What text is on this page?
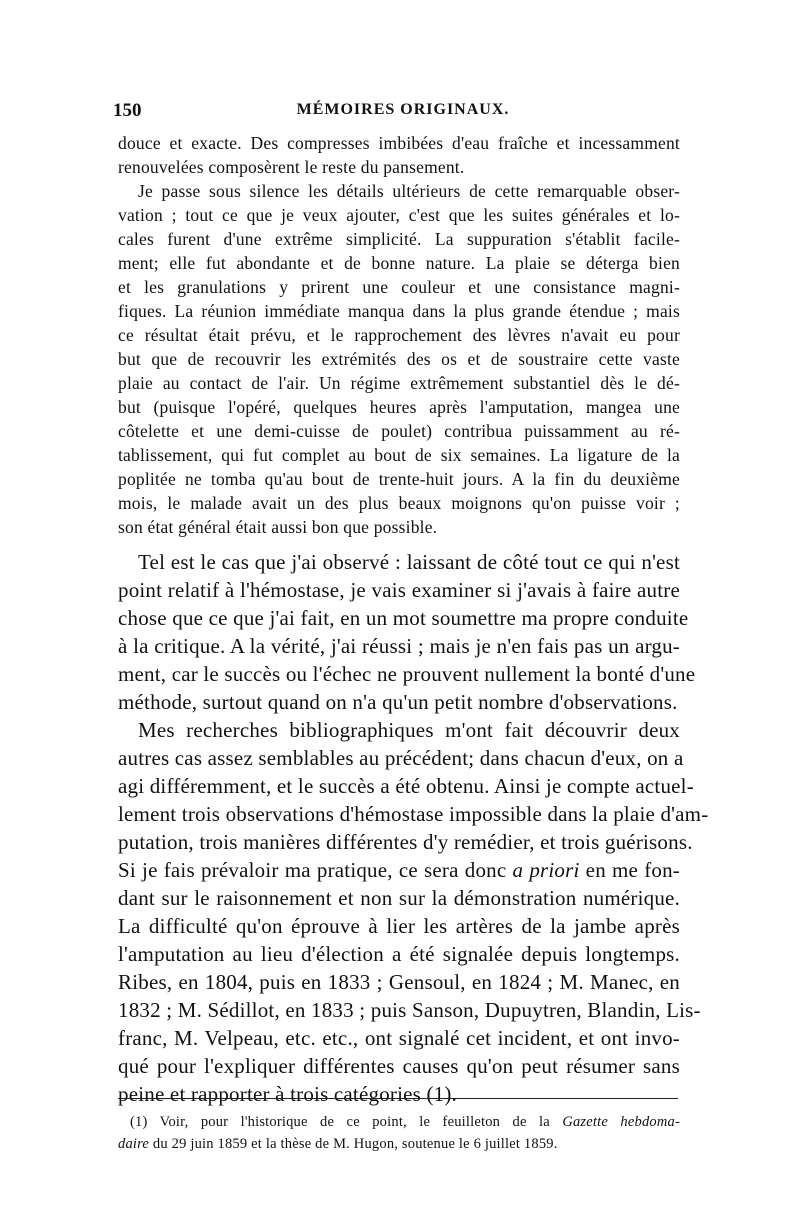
150	MÉMOIRES ORIGINAUX.
douce et exacte. Des compresses imbibées d'eau fraîche et incessamment
renouvelées composèrent le reste du pansement.
Je passe sous silence les détails ultérieurs de cette remarquable obser-
vation ; tout ce que je veux ajouter, c'est que les suites générales et lo-
cales furent d'une extrême simplicité. La suppuration s'établit facile-
ment; elle fut abondante et de bonne nature. La plaie se déterga bien
et les granulations y prirent une couleur et une consistance magni-
fiques. La réunion immédiate manqua dans la plus grande étendue ; mais
ce résultat était prévu, et le rapprochement des lèvres n'avait eu pour
but que de recouvrir les extrémités des os et de soustraire cette vaste
plaie au contact de l'air. Un régime extrêmement substantiel dès le dé-
but (puisque l'opéré, quelques heures après l'amputation, mangea une
côtelette et une demi-cuisse de poulet) contribua puissamment au ré-
tablissement, qui fut complet au bout de six semaines. La ligature de la
poplitée ne tomba qu'au bout de trente-huit jours. A la fin du deuxième
mois, le malade avait un des plus beaux moignons qu'on puisse voir ;
son état général était aussi bon que possible.
Tel est le cas que j'ai observé : laissant de côté tout ce qui n'est
point relatif à l'hémostase, je vais examiner si j'avais à faire autre
chose que ce que j'ai fait, en un mot soumettre ma propre conduite
à la critique. A la vérité, j'ai réussi ; mais je n'en fais pas un argu-
ment, car le succès ou l'échec ne prouvent nullement la bonté d'une
méthode, surtout quand on n'a qu'un petit nombre d'observations.
Mes recherches bibliographiques m'ont fait découvrir deux
autres cas assez semblables au précédent; dans chacun d'eux, on a
agi différemment, et le succès a été obtenu. Ainsi je compte actuel-
lement trois observations d'hémostase impossible dans la plaie d'am-
putation, trois manières différentes d'y remédier, et trois guérisons.
Si je fais prévaloir ma pratique, ce sera donc a priori en me fon-
dant sur le raisonnement et non sur la démonstration numérique.
La difficulté qu'on éprouve à lier les artères de la jambe après
l'amputation au lieu d'élection a été signalée depuis longtemps.
Ribes, en 1804, puis en 1833 ; Gensoul, en 1824 ; M. Manec, en
1832 ; M. Sédillot, en 1833 ; puis Sanson, Dupuytren, Blandin, Lis-
franc, M. Velpeau, etc. etc., ont signalé cet incident, et ont invo-
qué pour l'expliquer différentes causes qu'on peut résumer sans
peine et rapporter à trois catégories (1).
(1) Voir, pour l'historique de ce point, le feuilleton de la Gazette hebdoma-
daire du 29 juin 1859 et la thèse de M. Hugon, soutenue le 6 juillet 1859.
